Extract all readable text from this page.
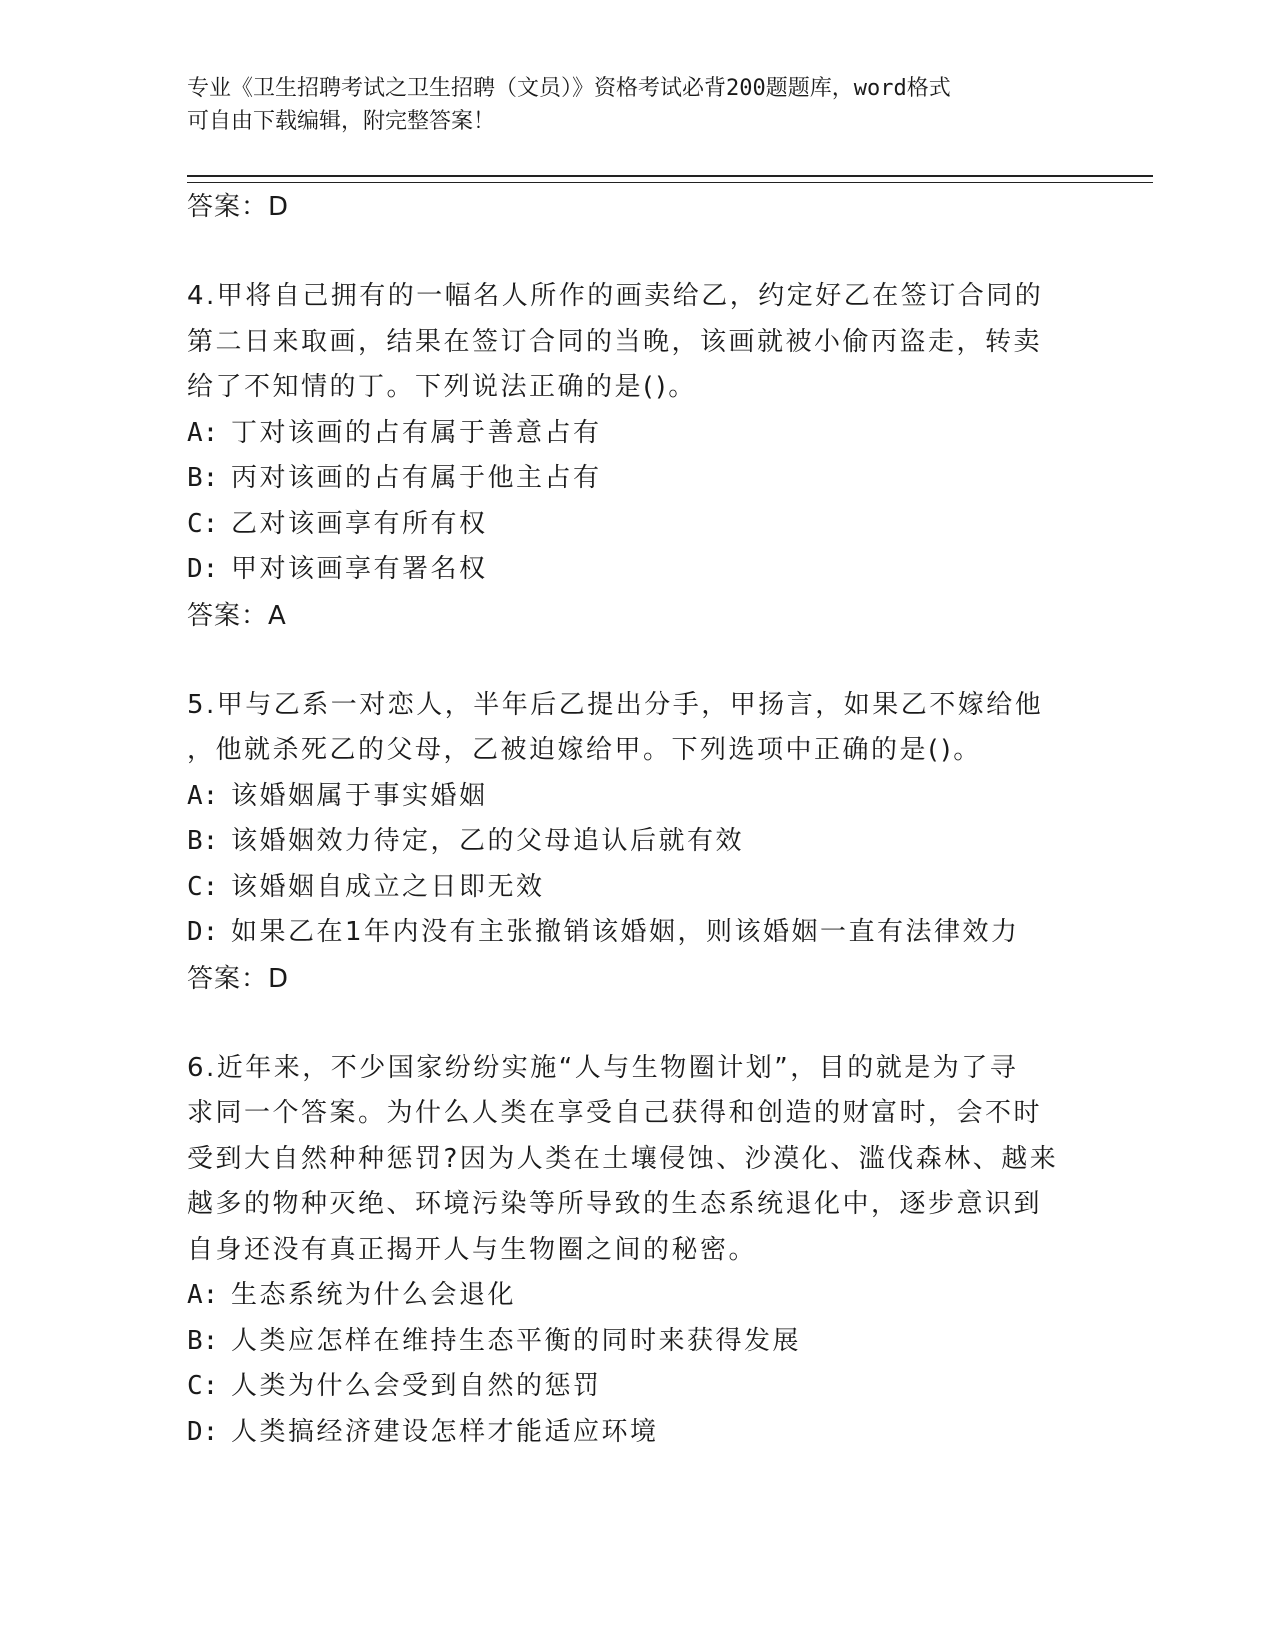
专业《卫生招聘考试之卫生招聘（文员）》资格考试必背200题题库，word格式
可自由下载编辑，附完整答案！
答案：D
4.甲将自己拥有的一幅名人所作的画卖给乙，约定好乙在签订合同的
第二日来取画，结果在签订合同的当晚，该画就被小偷丙盗走，转卖
给了不知情的丁。下列说法正确的是()。
A: 丁对该画的占有属于善意占有
B: 丙对该画的占有属于他主占有
C: 乙对该画享有所有权
D: 甲对该画享有署名权
答案：A
5.甲与乙系一对恋人，半年后乙提出分手，甲扬言，如果乙不嫁给他
，他就杀死乙的父母，乙被迫嫁给甲。下列选项中正确的是()。
A: 该婚姻属于事实婚姻
B: 该婚姻效力待定，乙的父母追认后就有效
C: 该婚姻自成立之日即无效
D: 如果乙在1年内没有主张撤销该婚姻，则该婚姻一直有法律效力
答案：D
6.近年来，不少国家纷纷实施“人与生物圈计划”，目的就是为了寻
求同一个答案。为什么人类在享受自己获得和创造的财富时，会不时
受到大自然种种惩罚?因为人类在土壤侵蚀、沙漠化、滥伐森林、越来
越多的物种灭绝、环境污染等所导致的生态系统退化中，逐步意识到
自身还没有真正揭开人与生物圈之间的秘密。
A: 生态系统为什么会退化
B: 人类应怎样在维持生态平衡的同时来获得发展
C: 人类为什么会受到自然的惩罚
D: 人类搞经济建设怎样才能适应环境
